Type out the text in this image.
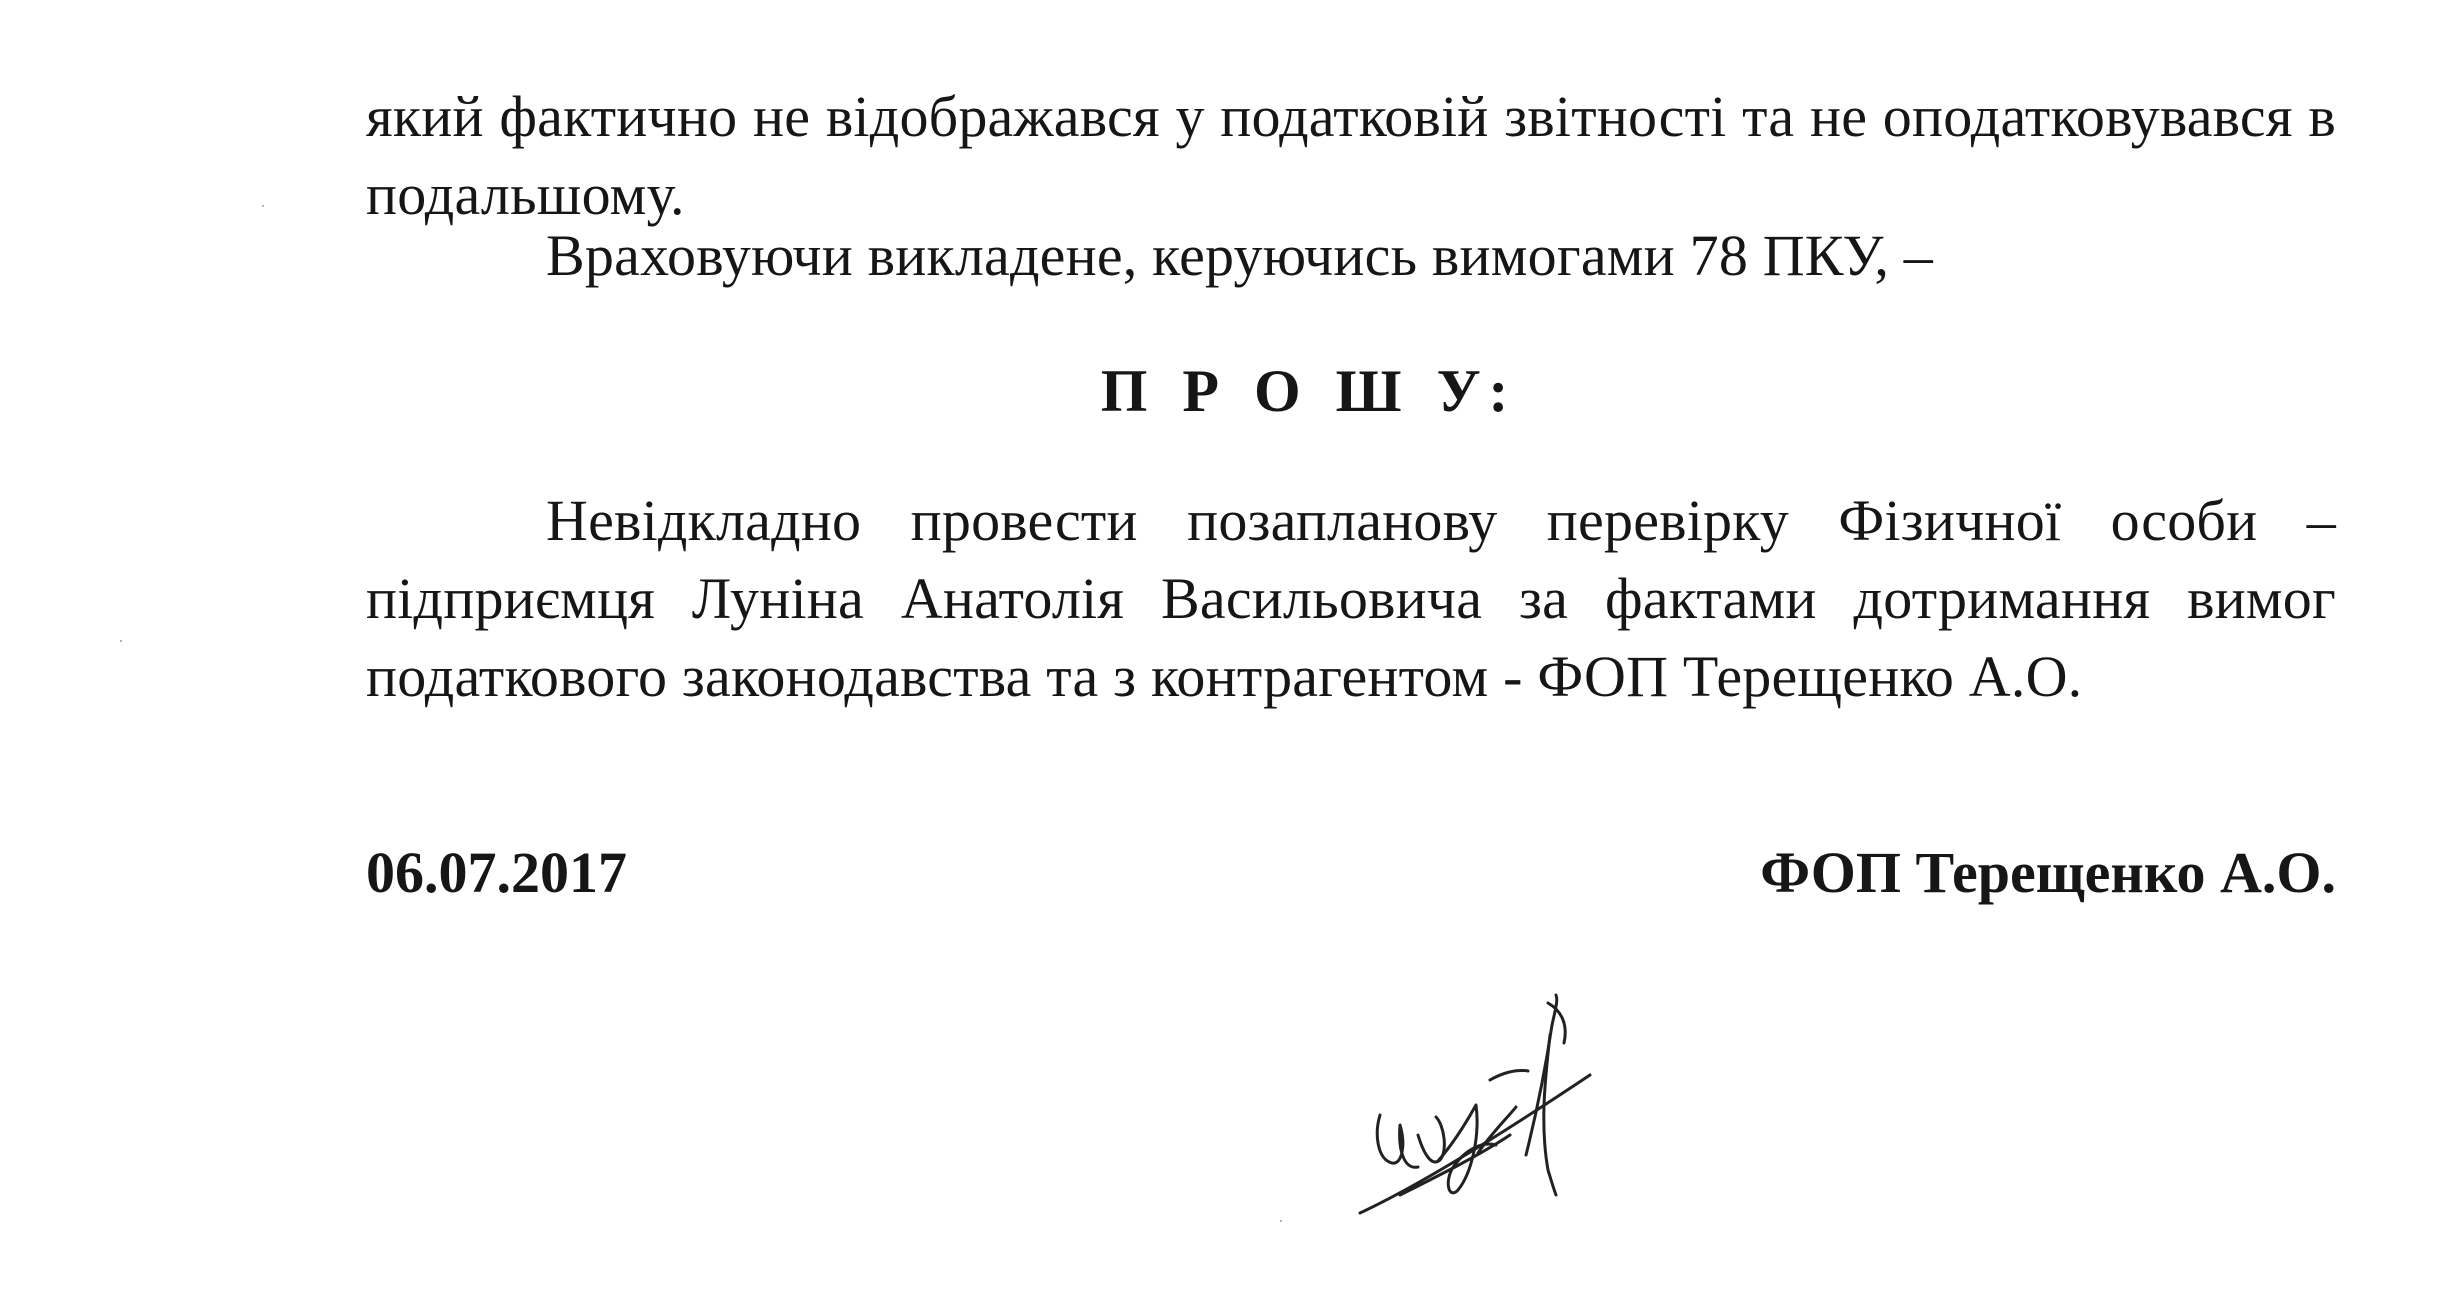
який фактично не відображався у податковій звітності та не оподатковувався в подальшому.
Враховуючи викладене, керуючись вимогами 78 ПКУ, –
П Р О Ш У:
Невідкладно провести позапланову перевірку Фізичної особи – підприємця Луніна Анатолія Васильовича за фактами дотримання вимог податкового законодавства та з контрагентом - ФОП Терещенко А.О.
06.07.2017	ФОП Терещенко А.О.
